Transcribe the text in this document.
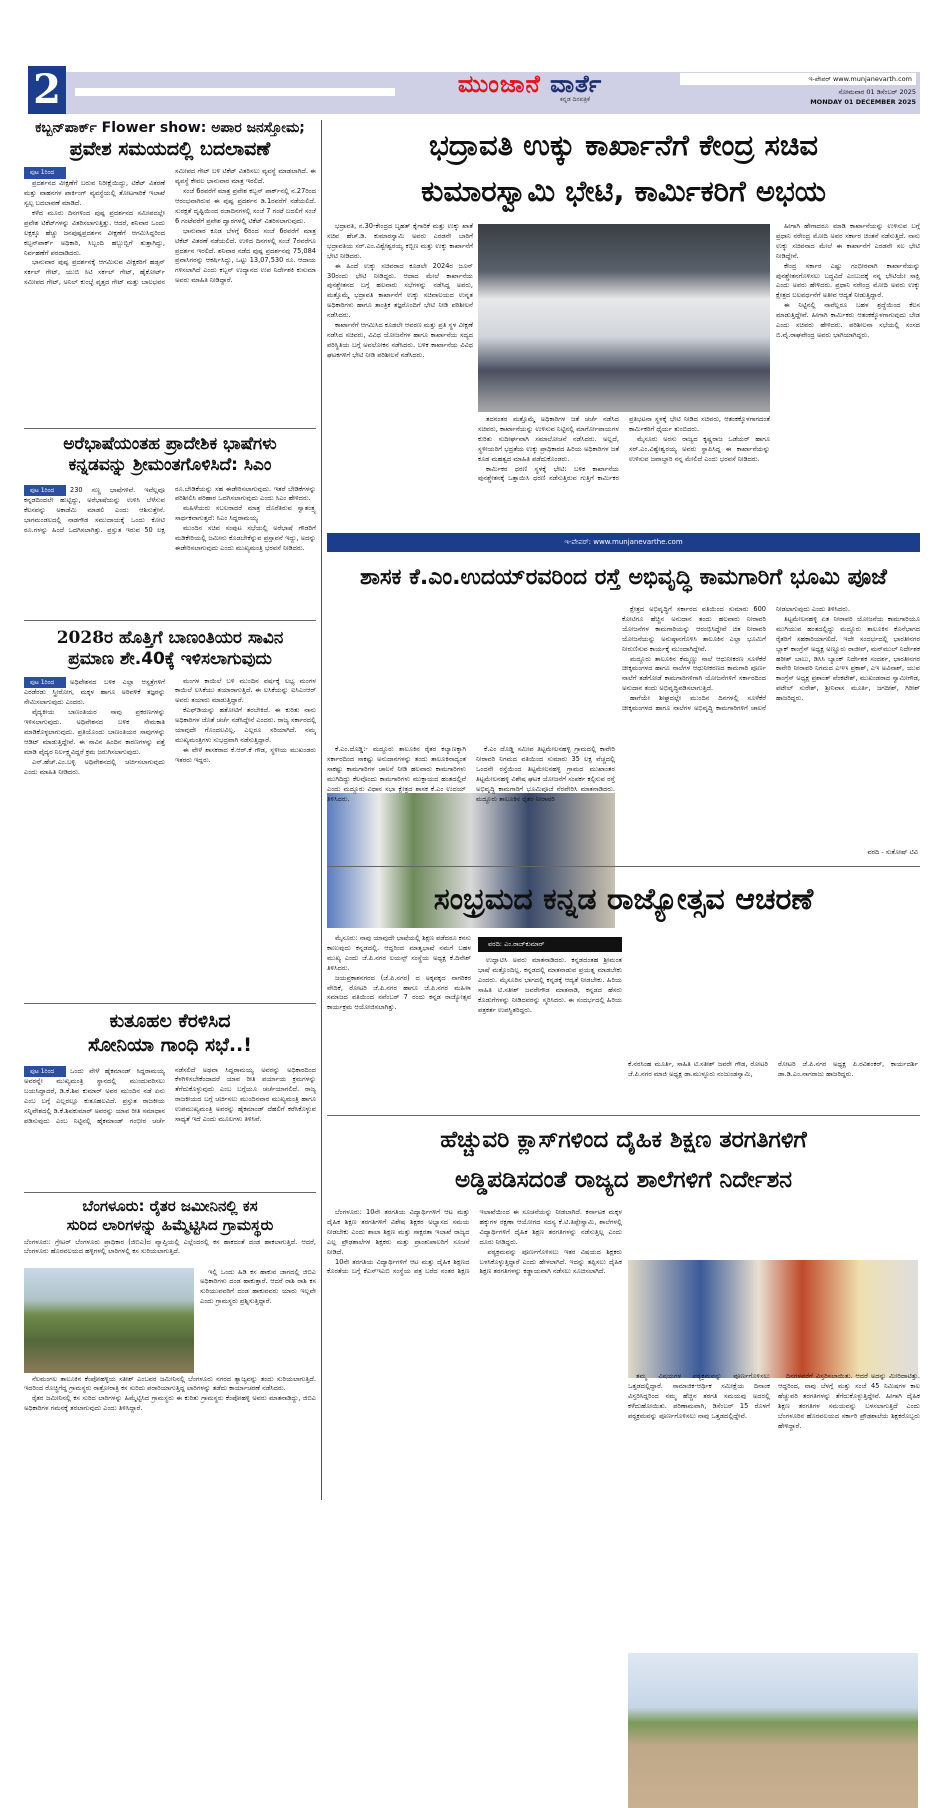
2	ಮುಂಜಾನೆ ವಾರ್ತೆ
ಕನ್ನಡ ದಿನಪತ್ರಿಕೆ
ಇ-ಪೇಪರ್ www.munjanevarth.com
ಸೋಮವಾರ 01 ಡಿಸೆಂಬರ್ 2025
MONDAY 01 DECEMBER 2025
ಕಬ್ಬನ್‌ಪಾರ್ಕ್ Flower show: ಅಪಾರ ಜನಸ್ತೋಮ;
ಪ್ರವೇಶ ಸಮಯದಲ್ಲಿ ಬದಲಾವಣೆ

ಪುಟ 1ರಿಂದ

ಪ್ರದರ್ಶನದ ವೀಕ್ಷಣೆಗೆ ಬರುವ ನಿರೀಕ್ಷೆಯಿದ್ದು, ಟಿಕೆಟ್ ವಿತರಣೆ ಮತ್ತು ವಾಹನಗಳ ಪಾರ್ಕಿಂಗ್ ವ್ಯವಸ್ಥೆಯಲ್ಲಿ ತೋಟಗಾರಿಕೆ ಇಲಾಖೆ ಸ್ವಲ್ಪ ಬದಲಾವಣೆ ಮಾಡಿದೆ.

ಕಳೆದ ಮೂರು ದಿನಗಳಿಂದ ಪುಷ್ಪ ಪ್ರದರ್ಶನದ ಸಮೀಪದಲ್ಲೇ ಪ್ರವೇಶ ಟಿಕೆಟ್‌ಗಳನ್ನು ವಿತರಿಸಲಾಗುತ್ತಿತ್ತು. ಆದರೆ, ಶನಿವಾರ ಒಂದು ಲಕ್ಷಕ್ಕೂ ಹೆಚ್ಚು ಜನಪುಷ್ಪಪ್ರದರ್ಶನ ವೀಕ್ಷಣೆಗೆ ಆಗಮಿಸಿದ್ದರಿಂದ ಕಬ್ಬನ್‌ಪಾರ್ಕ್ ಅಧಿಕಾರಿ, ಸಿಬ್ಬಂದಿ ಹಬ್ಬುಬ್ಬಿಗೆ ತುತ್ತಾಗಿದ್ದು, ನಿರ್ವಹಣೆಗೆ ಪರದಾಡಿದರು.

ಭಾನುವಾರ ಪುಷ್ಪ ಪ್ರದರ್ಶನಕ್ಕೆ ಆಗಮಿಸುವ ವೀಕ್ಷಕರಿಗೆ ಹಡ್ಸನ್ ಸರ್ಕಲ್ ಗೇಟ್, ಯುಬಿ ಸಿಟಿ ಸರ್ಕಲ್ ಗೇಟ್, ಹೈಕೋರ್ಟ್ ಸಮೀಪದ ಗೇಟ್, ಅನಿಲ್ ಕುಂಬ್ಳೆ ವೃತ್ತದ ಗೇಟ್ ಮತ್ತು ಬಾಲಭವನ ಸಮೀಪದ ಗೇಟ್ ಬಳಿ ಟಿಕೆಟ್ ವಿತರಿಸಲು ವ್ಯವಸ್ಥೆ ಮಾಡಲಾಗಿದೆ. ಈ ವ್ಯವಸ್ಥೆ ಕೇವಲ ಭಾನುವಾರ ಮಾತ್ರ ಇರಲಿದೆ.

ಸಂಜೆ 6ರವರೆಗೆ ಮಾತ್ರ ಪ್ರವೇಶ ಕಬ್ಬನ್ ಪಾರ್ಕ್‌ನಲ್ಲಿ ನ.27ರಿಂದ ಆರಂಭವಾಗಿರುವ ಈ ಪುಷ್ಪ ಪ್ರದರ್ಶನ ಡಿ.1ರವರೆಗೆ ನಡೆಯಲಿದೆ. ಸುರಕ್ಷತೆ ದೃಷ್ಟಿಯಿಂದ ರಜಾದಿನಗಳಲ್ಲಿ ಸಂಜೆ 7 ಗಂಟೆ ಬದಲಿಗೆ ಸಂಜೆ 6 ಗಂಟೆವರೆಗೆ ಪ್ರವೇಶ ದ್ವಾರಗಳಲ್ಲಿ ಟಿಕೆಟ್ ವಿತರಿಸಲಾಗುವುದು.

ಭಾನುವಾರ ಕೂಡ ಬೆಳಗ್ಗೆ 6ರಿಂದ ಸಂಜೆ 6ರವರೆಗೆ ಮಾತ್ರ ಟಿಕೆಟ್ ವಿತರಣೆ ನಡೆಯಲಿದೆ. ಉಳಿದ ದಿನಗಳಲ್ಲಿ ಸಂಜೆ 7ರವರೆಗೂ ಪ್ರದರ್ಶನ ಇರಲಿದೆ. ಶನಿವಾರ ನಡೆದ ಪುಷ್ಪ ಪ್ರದರ್ಶನವು 75,084 ಪ್ರವಾಸಿಗರನ್ನು ಆಕರ್ಷಿಸಿದ್ದು, ಒಟ್ಟು 13,07,530 ರೂ. ಆದಾಯ ಗಳಿಸಲಾಗಿದೆ ಎಂದು ಕಬ್ಬನ್ ಉದ್ಯಾನದ ಉಪ ನಿರ್ದೇಶಕಿ ಕುಸುಮಾ ಅವರು ಮಾಹಿತಿ ನೀಡಿದ್ದಾರೆ.

ಅರೆಭಾಷೆಯಂತಹ ಪ್ರಾದೇಶಿಕ ಭಾಷೆಗಳು
ಕನ್ನಡವನ್ನು ಶ್ರೀಮಂತಗೊಳಿಸಿದೆ: ಸಿಎಂ

ಪುಟ 1ರಿಂದ 230 ಸಣ್ಣ ಭಾಷೆಗಳಿವೆ. ಇವೆಲ್ಲವೂ ಕನ್ನಡದಿಂದಲೇ ಹುಟ್ಟಿದ್ದು, ಅರೆಭಾಷೆಯನ್ನು ಉಳಿಸಿ ಬೆಳೆಸುವ ಕೆಲಸವನ್ನು ಅಕಾಡೆಮಿ ಮಾಡಲಿ ಎಂದು ಆಶಿಸುತ್ತೇನೆ. ಭಾಗಮಂಡಲದಲ್ಲಿ ನಾಡಗೌಡ ಸಮುದಾಯಕ್ಕೆ ಒಂದು ಕೋಟಿ ರೂ.ಗಳನ್ನು ಹಿಂದೆ ಒದಗಿಸಲಾಗಿತ್ತು. ಪ್ರಸ್ತುತ ಇರುವ 50 ಲಕ್ಷ ರೂ.ಬೇಡಿಕೆಯನ್ನು ಸಹ ಈಡೇರಿಸಲಾಗುವುದು. ಇತರೆ ಬೇಡಿಕೆಗಳನ್ನು ಪರಿಶೀಲಿಸಿ ಪರಿಹಾರ ಒದಗಿಸಲಾಗುವುದು ಎಂದು ಸಿಎಂ ಹೇಳಿದರು.

ಮಹಿಳೆಯರು ಸಬಲರಾದರೆ ಮಾತ್ರ ದೊರೆತಿರುವ ಸ್ವಾತಂತ್ರ್ಯ ಸಾರ್ಥಕವಾಗುತ್ತದೆ: ಸಿಎಂ ಸಿದ್ದರಾಮಯ್ಯ

ಮುಂದಿನ ಸಚಿವ ಸಂಪುಟ ಸಭೆಯಲ್ಲಿ ಅರೆಭಾಷೆ ಗೌಡರಿಗೆ ಮಡಿಕೇರಿಯಲ್ಲಿ ಜಮೀನು ಕೊಡಬೇಕೆನ್ನುವ ಪ್ರಸ್ತಾವನೆ ಇದ್ದು, ಅದನ್ನು ಈಡೇರಿಸಲಾಗುವುದು ಎಂದು ಮುಖ್ಯಮಂತ್ರಿ ಭರವಸೆ ನೀಡಿದರು.

2028ರ ಹೊತ್ತಿಗೆ ಬಾಣಂತಿಯರ ಸಾವಿನ
ಪ್ರಮಾಣ ಶೇ.40ಕ್ಕೆ ಇಳಿಸಲಾಗುವುದು

ಪುಟ 1ರಿಂದ ಅಧಿವೇಶನದ ಬಳಿಕ ಎಲ್ಲಾ ಆಸ್ಪತ್ರೆಗಳಿಗೆ ಎರಡೆರಡು ಸ್ತ್ರೀರೋಗ, ಮಕ್ಕಳ ಹಾಗೂ ಅರಿವಳಿಕೆ ತಜ್ಞರನ್ನು ನೇಮಿಸಲಾಗುವುದು ಎಂದರು.

ವೈದ್ಯಕೀಯ ಬಾಣಂತಿಯರ ಸಾವು ಪ್ರಕರಣಗಳನ್ನು ಇಳಿಸಲಾಗುವುದು. ಅಧಿವೇಶನದ ಬಳಿಕ ನೇಮಕಾತಿ ಮಾಡಿಕೊಳ್ಳಲಾಗುವುದು. ಪ್ರತಿಯೊಂದು ಬಾಣಂತಿಯರ ಸಾವುಗಳನ್ನು ಆಡಿಟ್ ಮಾಡುತ್ತಿದ್ದೇವೆ. ಈ ಸಾವಿನ ಹಿಂದಿನ ಕಾರಣಗಳನ್ನು ಪತ್ತೆ ಮಾಡಿ ವೈದ್ಯರ ನಿರ್ಲಕ್ಷ್ಯವಿದ್ದರೆ ಕ್ರಮ ಜರುಗಿಸಲಾಗುವುದು.

ಎನ್.ಹೆಚ್.ಎಂ.ಬಳ್ಳಿ ಅಧಿವೇಶನದಲ್ಲಿ ಚರ್ಚಿಸಲಾಗುವುದು ಎಂದು ಮಾಹಿತಿ ನೀಡಿದರು.

ಮಂಗಳ ಕಾಯಿಲೆ ಬಳಿ ಮುಂದಿನ ವರ್ಷಕ್ಕೆ ಲಭ್ಯ ಮಂಗಳ ಕಾಯಿಲೆ ಲಸಿಕೆಯು ತಯಾರಾಗುತ್ತಿದೆ. ಈ ಲಸಿಕೆಯನ್ನು ಐಸಿಎಂಆರ್ ಅವರು ತಯಾರು ಮಾಡುತ್ತಿದ್ದಾರೆ.

ಕೆಎಫ್‌ಡಿಯನ್ನು ಹತೋಟಿಗೆ ತರಬೇಕಿದೆ. ಈ ಕುರಿತು ನಾನು ಅಧಿಕಾರಿಗಳ ಜೊತೆ ಚರ್ಚೆ ನಡೆಸಿದ್ದೇನೆ ಎಂದರು. ರಾಜ್ಯ ಸರ್ಕಾರದಲ್ಲಿ ಯಾವುದೇ ಗೊಂದಲವಿಲ್ಲ. ಎಲ್ಲರೂ ಸರಿಯಾಗಿದೆ. ನಮ್ಮ ಮುಖ್ಯಮಂತ್ರಿಗಳು ಸುಭದ್ರವಾಗಿ ನಡೆಸುತ್ತಿದ್ದಾರೆ.

ಈ ವೇಳೆ ಶಾಸಕರಾದ ಕೆ.ಆರ್.ಕೆ ಗೌಡ, ಸ್ಥಳೀಯ ಮುಖಂಡರು ಇತರರು ಇದ್ದರು.

ಕುತೂಹಲ ಕೆರಳಿಸಿದ
ಸೋನಿಯಾ ಗಾಂಧಿ ಸಭೆ..!

ಪುಟ 1ರಿಂದ ಒಂದು ವೇಳೆ ಹೈಕಮಾಂಡ್ ಸಿದ್ದರಾಮಯ್ಯ ಅವರನ್ನೇ ಮುಖ್ಯಮಂತ್ರಿ ಸ್ಥಾನದಲ್ಲಿ ಮುಂದುವರಿಸಲು ಬಯಸಿದ್ದಾದರೆ, ಡಿ.ಕೆ.ಶಿವ ಕುಮಾರ್ ಅವರ ಮುಂದಿನ ನಡೆ ಏನು ಎಂಬ ಬಗ್ಗೆ ಎಲ್ಲರಲ್ಲೂ ಕುತೂಹಲವಿದೆ. ಪ್ರಸ್ತುತ ರಾಜಕೀಯ ಸನ್ನಿವೇಶದಲ್ಲಿ ಡಿ.ಕೆ.ಶಿವಕುಮಾರ್ ಅವರನ್ನು ಯಾವ ರೀತಿ ಸಮಾಧಾನ ಪಡಿಸುವುದು ಎಂಬ ನಿಟ್ಟಿನಲ್ಲಿ ಹೈಕಮಾಂಡ್ ಗಂಭೀರ ಚರ್ಚೆ ನಡೆಸಲಿದೆ ಅಥವಾ ಸಿದ್ದರಾಮಯ್ಯ ಅವರನ್ನು ಅಧಿಕಾರದಿಂದ ಕೆಳಗಿಳಿಸಬೇಕೆಂದಾದರೆ ಯಾವ ರೀತಿ ಪರ್ಯಾಯ ಕ್ರಮಗಳನ್ನು ತೆಗೆದುಕೊಳ್ಳುವುದು ಎಂಬ ಬಗ್ಗೆಯೂ ಚರ್ಚೆಯಾಗಲಿದೆ. ರಾಜ್ಯ ರಾಜಕೀಯದ ಬಗ್ಗೆ ಚರ್ಚಿಸಲು ಮುಂದಿನವಾರ ಮುಖ್ಯಮಂತ್ರಿ ಹಾಗೂ ಉಪಮುಖ್ಯಮಂತ್ರಿ ಅವರನ್ನು ಹೈಕಮಾಂಡ್ ದೆಹಲಿಗೆ ಕರೆಸಿಕೊಳ್ಳುವ ಸಾಧ್ಯತೆ ಇದೆ ಎಂದು ಮೂಲಗಳು ತಿಳಿಸಿವೆ.

ಬೆಂಗಳೂರು: ರೈತರ ಜಮೀನಿನಲ್ಲಿ ಕಸ
ಸುರಿದ ಲಾರಿಗಳನ್ನು ಹಿಮ್ಮೆಟ್ಟಿಸಿದ ಗ್ರಾಮಸ್ಥರು
ಬೆಂಗಳೂರು: ಗ್ರೇಟರ್ ಬೆಂಗಳೂರು ಪ್ರಾಧಿಕಾರ (ಜಿಬಿಎ)ದ ವ್ಯಾಪ್ತಿಯಲ್ಲಿ ಎಲ್ಲೆಂದರಲ್ಲಿ ಕಸ ಹಾಕದಂತೆ ದಂಡ ಹಾಕಲಾಗುತ್ತಿದೆ. ಆದರೆ, ಬೆಂಗಳೂರು ಹೊರವಲಯದ ಹಳ್ಳಿಗಳಲ್ಲಿ ಲಾರಿಗಳಲ್ಲಿ ಕಸ ಸುರಿಯಲಾಗುತ್ತಿದೆ.

ಇಲ್ಲಿ ಒಂದು ಹಿಡಿ ಕಸ ಹಾಕುವ ಜಾಗದಲ್ಲಿ ಜಿಬಿಎ ಅಧಿಕಾರಿಗಳು ದಂಡ ಹಾಕುತ್ತಾರೆ. ಆದರೆ ರಾಶಿ ರಾಶಿ ಕಸ ಸುರಿಯುವವರಿಗೆ ದಂಡ ಹಾಕುವವರು ಯಾರು ಇಲ್ಲವೇ ಎಂದು ಗ್ರಾಮಸ್ಥರು ಪ್ರಶ್ನಿಸುತ್ತಿದ್ದಾರೆ.

ನೆಲಮಂಗಲ ತಾಲೂಕಿನ ಕೆಂಪೋಹಳ್ಳಿಯ ಸತೀಶ್ ಎಂಬವರ ಜಮೀನಿನಲ್ಲಿ ಬೆಂಗಳೂರು ನಗರದ ತ್ಯಾಜ್ಯವನ್ನು ತಂದು ಸುರಿಯಲಾಗುತ್ತಿದೆ. ಇದರಿಂದ ರೊಚ್ಚಿಗೆದ್ದ ಗ್ರಾಮಸ್ಥರು ರಾತ್ರೋರಾತ್ರಿ ಕಸ ಸುರಿದು ಪರಾರಿಯಾಗುತ್ತಿದ್ದ ಲಾರಿಗಳನ್ನು ತಡೆದು ಕಾರ್ಯಾಚರಣೆ ನಡೆಸಿದರು.

ರೈತರ ಜಮೀನಿನಲ್ಲಿ ಕಸ ಸುರಿದ ಲಾರಿಗಳನ್ನು ಹಿಮ್ಮೆಟ್ಟಿಸಿದ ಗ್ರಾಮಸ್ಥರು ಈ ಕುರಿತು ಗ್ರಾಮಸ್ಥರು ಕೆಂಪೋಹಳ್ಳಿ ಅವರು ಮಾತನಾಡಿದ್ದು, ಜಿಬಿಎ ಅಧಿಕಾರಿಗಳ ಗಮನಕ್ಕೆ ತರಲಾಗುವುದು ಎಂದು ತಿಳಿಸಿದ್ದಾರೆ.

ಭದ್ರಾವತಿ ಉಕ್ಕು ಕಾರ್ಖಾನೆಗೆ ಕೇಂದ್ರ ಸಚಿವ
ಕುಮಾರಸ್ವಾಮಿ ಭೇಟಿ, ಕಾರ್ಮಿಕರಿಗೆ ಅಭಯ

ಭದ್ರಾವತಿ, ನ.30-ಕೇಂದ್ರದ ಬೃಹತ್ ಕೈಗಾರಿಕೆ ಮತ್ತು ಉಕ್ಕು ಖಾತೆ ಸಚಿವ ಹೆಚ್.ಡಿ. ಕುಮಾರಸ್ವಾಮಿ ಅವರು ಎರಡನೇ ಬಾರಿಗೆ ಭದ್ರಾವತಿಯ ಸರ್.ಎಂ.ವಿಶ್ವೇಶ್ವರಯ್ಯ ಕಬ್ಬಿಣ ಮತ್ತು ಉಕ್ಕು ಕಾರ್ಖಾನೆಗೆ ಭೇಟಿ ನೀಡಿದರು.

ಈ ಹಿಂದೆ ಉಕ್ಕು ಸಚಿವರಾದ ಕೂಡಲೇ 2024ರ ಜೂನ್ 30ರಂದು ಭೇಟಿ ನೀಡಿದ್ದರು. ಆದಾದ ಮೇಲೆ ಕಾರ್ಖಾನೆಯ ಪುನಶ್ಚೇತನದ ಬಗ್ಗೆ ಹಲವಾರು ಸಭೆಗಳನ್ನು ನಡೆಸಿದ್ದ ಅವರು, ಮತ್ತೊಮ್ಮೆ ಭದ್ರಾವತಿ ಕಾರ್ಖಾನೆಗೆ ಉಕ್ಕು ಸಚಿವಾಲಯದ ಉನ್ನತ ಅಧಿಕಾರಿಗಳು ಹಾಗೂ ತಾಂತ್ರಿಕ ತಜ್ಞರೊಂದಿಗೆ ಭೇಟಿ ನೀಡಿ ಪರಿಶೀಲನೆ ನಡೆಸಿದರು.

ಕಾರ್ಖಾನೆಗೆ ಆಗಮಿಸಿದ ಕೂಡಲೇ ಆವರಣ ಮತ್ತು ಪ್ರತಿ ಸ್ಥಳ ವೀಕ್ಷಣೆ ನಡೆಸಿದ ಸಚಿವರು, ವಿವಿಧ ಯೋಜನೆಗಳ ಹಾಗೂ ಕಾರ್ಖಾನೆಯ ಸದ್ಯದ ಪರಿಸ್ಥಿತಿಯ ಬಗ್ಗೆ ಅವಲೋಕನ ನಡೆಸಿದರು. ಬಳಿಕ ಕಾರ್ಖಾನೆಯ ವಿವಿಧ ಘಟಕಗಳಿಗೆ ಭೇಟಿ ನೀಡಿ ಪರಿಶೀಲನೆ ನಡೆಸಿದರು.

ತದನಂತರ ಮತ್ತೊಮ್ಮೆ ಅಧಿಕಾರಿಗಳ ಜತೆ ಚರ್ಚೆ ನಡೆಸಿದ ಸಚಿವರು, ಕಾರ್ಖಾನೆಯನ್ನು ಉಳಿಸುವ ನಿಟ್ಟಿನಲ್ಲಿ ಮಾರ್ಗೋಪಾಯಗಳ ಕುರಿತು ಸುದೀರ್ಘವಾಗಿ ಸಮಾಲೋಚನೆ ನಡೆಸಿದರು. ಅಲ್ಲದೆ, ಸ್ಥಳೀಯರಿಗೆ ಭದ್ರತೆಯ ಉಕ್ಕು ಪ್ರಾಧಿಕಾರದ ಹಿರಿಯ ಅಧಿಕಾರಿಗಳ ಜತೆ ಕೂಡ ಮಹತ್ವದ ಮಾಹಿತಿ ಪಡೆದುಕೊಂಡರು.

ಕಾರ್ಮಿಕರ ಧರಣಿ ಸ್ಥಳಕ್ಕೆ ಭೇಟಿ: ಬಳಿಕ ಕಾರ್ಖಾನೆಯ ಪುನಶ್ಚೇತನಕ್ಕೆ ಒತ್ತಾಯಿಸಿ ಧರಣಿ ನಡೆಸುತ್ತಿರುವ ಗುತ್ತಿಗೆ ಕಾರ್ಮಿಕರ ಪ್ರತಿಭಟನಾ ಸ್ಥಳಕ್ಕೆ ಭೇಟಿ ನೀಡಿದ ಸಚಿವರು, ಆತಂಕಕ್ಕೊಳಗಾಗದಂತೆ ಕಾರ್ಮಿಕರಿಗೆ ಧೈರ್ಯ ತುಂಬಿದರು.

ಮೈಸೂರು ಅರಸು ರಾಜ್ಯದ ಕೃಷ್ಣರಾಜ ಒಡೆಯರ್ ಹಾಗೂ ಸರ್.ಎಂ.ವಿಶ್ವೇಶ್ವರಯ್ಯ ಅವರು ಸ್ಥಾಪಿಸಿದ್ದ ಈ ಕಾರ್ಖಾನೆಯನ್ನು ಉಳಿಸುವ ಜವಾಬ್ದಾರಿ ನನ್ನ ಮೇಲಿದೆ ಎಂದು ಭರವಸೆ ನೀಡಿದರು.

ಹೀಗಾಗಿ ಹೇಗಾದರೂ ಮಾಡಿ ಕಾರ್ಖಾನೆಯನ್ನು ಉಳಿಸುವ ಬಗ್ಗೆ ಪ್ರಧಾನಿ ನರೇಂದ್ರ ಮೋದಿ ಅವರ ಸರ್ಕಾರ ಚಿಂತನೆ ನಡೆಸುತ್ತಿದೆ. ನಾನು ಉಕ್ಕು ಸಚಿವನಾದ ಮೇಲೆ ಈ ಕಾರ್ಖಾನೆಗೆ ಎರಡನೇ ಸಲ ಭೇಟಿ ನೀಡಿದ್ದೇನೆ.

ಕೇಂದ್ರ ಸರ್ಕಾರ ಎಷ್ಟು ಗಂಭೀರವಾಗಿ ಕಾರ್ಖಾನೆಯನ್ನು ಪುನಶ್ಚೇತನಗೊಳಿಸಲು ಬದ್ಧವಿದೆ ಎಂಬುದಕ್ಕೆ ನನ್ನ ಭೇಟಿಯೇ ಸಾಕ್ಷಿ ಎಂದು ಅವರು ಹೇಳಿದರು. ಪ್ರಧಾನಿ ನರೇಂದ್ರ ಮೋದಿ ಅವರು ಉಕ್ಕು ಕ್ಷೇತ್ರದ ಬಲವರ್ಧನೆಗೆ ಅತೀವ ಆದ್ಯತೆ ನೀಡುತ್ತಿದ್ದಾರೆ.

ಈ ನಿಟ್ಟಿನಲ್ಲಿ ನಾವೆಲ್ಲರೂ ಬಹಳ ಶ್ರದ್ಧೆಯಿಂದ ಕೆಲಸ ಮಾಡುತ್ತಿದ್ದೇವೆ. ಹೀಗಾಗಿ ಕಾರ್ಮಿಕರು ಆತಂಕಕ್ಕೊಳಗಾಗುವುದು ಬೇಡ ಎಂದು ಸಚಿವರು ಹೇಳಿದರು. ಪರಿಶೀಲನಾ ಸಭೆಯಲ್ಲಿ ಸಂಸದ ಬಿ.ವೈ.ರಾಘವೇಂದ್ರ ಅವರು ಭಾಗಿಯಾಗಿದ್ದರು.

ಇ-ಪೇಪರ್: www.munjanevarthe.com
ಶಾಸಕ ಕೆ.ಎಂ.ಉದಯ್‌ರವರಿಂದ ರಸ್ತೆ ಅಭಿವೃದ್ಧಿ ಕಾಮಗಾರಿಗೆ ಭೂಮಿ ಪೂಜೆ

ಕೆ.ಎಂ.ದೊಡ್ಡಿ:- ಮದ್ದೂರು ತಾಲೂಕಿನ ರೈತರ ಕಲ್ಯಾಣಕ್ಕಾಗಿ ಸರ್ಕಾರದಿಂದ ಸಾಕಷ್ಟು ಅನುದಾನಗಳನ್ನು ತಂದು ತಾಲೂಕಿನಾದ್ಯಂತ ಸಾಕಷ್ಟು ಕಾಮಗಾರಿಗಳ ಚಾಲನೆ ನೀಡಿ ಹಲವಾರು ಕಾಮಗಾರಿಗಳು ಮುಗಿದಿದ್ದು ಕೆಲವೊಂದು ಕಾಮಗಾರಿಗಳು ಮುಕ್ತಾಯದ ಹಂತದಲ್ಲಿವೆ ಎಂದು ಮದ್ದೂರು ವಿಧಾನ ಸಭಾ ಕ್ಷೇತ್ರದ ಶಾಸಕ ಕೆ.ಎಂ ಉದಯ್ ತಿಳಿಸಿದರು.

ಕೆ.ಎಂ ದೊಡ್ಡಿ ಸಮೀಪ ತಿಟ್ಟಮೇಲನಹಳ್ಳಿ ಗ್ರಾಮದಲ್ಲಿ ಕಾವೇರಿ ನೀರಾವರಿ ನಿಗಮದ ವತಿಯಿಂದ ಸುಮಾರು 35 ಲಕ್ಷ ವೆಚ್ಚದಲ್ಲಿ ಒಂದನೇ ರಸ್ತೆಯಿಂದ ತಿಟ್ಟಮೇಲನಹಳ್ಳಿ ಗ್ರಾಮದ ಮುಖಾಂತರ ತಿಟ್ಟಮೇಲನಹಳ್ಳಿ ವಿಶೇಷ ಘಟಕ ಯೋಜನೆಗೆ ಸಂಪರ್ಕ ಕಲ್ಪಿಸುವ ರಸ್ತೆ ಅಭಿವೃದ್ಧಿ ಕಾಮಗಾರಿಗೆ ಭೂಮಿಪೂಜೆ ನೆರವೇರಿಸಿ ಮಾತನಾಡಿದರು. ಮದ್ದೂರು ತಾಲೂಕಿನ ರೈತರ ನೀರಾವರಿ

ಕ್ಷೇತ್ರದ ಅಭಿವೃದ್ಧಿಗೆ ಸರ್ಕಾರದ ವತಿಯಿಂದ ಸುಮಾರು 600 ಕೋಟಿಗೂ ಹೆಚ್ಚಿನ ಅನುದಾನ ತಂದು ಹಲವಾರು ನೀರಾವರಿ ಯೋಜನೆಗಳ ಕಾಮಗಾರಿಯನ್ನು ಆರಂಭಿಸಿದ್ದೇವೆ ಚಿತ ನೀರಾವರಿ ಯೋಜನೆಯನ್ನು ಅನುಷ್ಠಾನಗೊಳಿಸಿ ತಾಲೂಕಿನ ಎಲ್ಲಾ ಭೂಮಿಗೆ ನೀರುಣಿಸುವ ಕಾರ್ಯಕ್ಕೆ ಮುಂದಾಗಿದ್ದೇವೆ.

ಮದ್ದೂರು ತಾಲೂಕಿನ ಕೆಮ್ಮಣ್ಣು ನಾಲೆ ಆಧುನೀಕರಣ ಸೂಳೆಕೆರೆ ಚೀಕ್ಕಮಂಗಳದ ಹಾಗೂ ನಾಲೆಗಳ ಆಧುನೀಕರಣದ ಕಾಮಗಾರಿ ಪೂರ್ಣ ನಾಲೆಗೆ ತಡೆಗೋಡೆ ಕಾಮಗಾರಿಗಳಿಗಾಗಿ ಯೋಜನೆಗಳಿಗೆ ಸರ್ಕಾರದಿಂದ ಅನುದಾನ ತಂದು ಅಭಿವೃದ್ಧಿಪಡಿಸಲಾಗುತ್ತಿದೆ.

ಹಾಗೆಯೇ ಶೀಘ್ರದಲ್ಲೇ ಮುಂದಿನ ದಿನಗಳಲ್ಲಿ ಸೂಳೆಕೆರೆ ಚೀಕ್ಕಮಂಗಳದ ಹಾಗೂ ನಾಲೆಗಳ ಅಭಿವೃದ್ಧಿ ಕಾಮಗಾರಿಗಳಿಗೆ ಚಾಲನೆ ನೀಡಲಾಗುವುದು ಎಂದು ತಿಳಿಸಿದರು.

ತಿಟ್ಟಮೇಲನಹಳ್ಳಿ ಏತ ನೀರಾವರಿ ಯೋಜನೆಯ ಕಾಮಗಾರಿಯೂ ಮುಗಿಯುವ ಹಂತದಲ್ಲಿದ್ದು ಮದ್ದೂರು ತಾಲೂಕಿನ ಕೊನೆಭಾಗದ ರೈತರಿಗೆ ಸಹಕಾರಿಯಾಗಲಿದೆ. ಇದೇ ಸಂದರ್ಭದಲ್ಲಿ ಭಾರತೀನಗರ ಬ್ಲಾಕ್ ಕಾಂಗ್ರೆಸ್ ಅಧ್ಯಕ್ಷ ಅಣ್ಣೂರು ರಾಜೀವ್, ಮನ್‌ಮುಲ್ ನಿರ್ದೇಶಕ ಹರೀಶ್ ಬಾಬು, ಡಿಸಿಸಿ ಬ್ಯಾಂಕ್ ನಿರ್ದೇಶಕ ಸಂದರ್ಶ, ಭಾರತೀನಗರ ಕಾವೇರಿ ನೀರಾವರಿ ನಿಗಮದ ಎಇಇ ಪ್ರಕಾಶ್, ಎಇ ಅವಿನಾಶ್, ಯುವ ಕಾಂಗ್ರೆಸ್ ಅಧ್ಯಕ್ಷ ಪ್ರಶಾಂತ್ ವೆಂಕಟೇಶ್, ಮುಖಂಡರಾದ ಸ್ವಾಮೀಗೌಡ, ಪಟೇಲ್ ಸುರೇಶ್, ಶ್ರೀನಿವಾಸ ಮೂರ್ತಿ, ಜಗದೀಶ್, ಗಿರೀಶ್ ಹಾಜರಿದ್ದರು.

ವರದಿ - ಸುತೋಷ್ ಟಿವಿ
ಸಂಭ್ರಮದ ಕನ್ನಡ ರಾಜ್ಯೋತ್ಸವ ಆಚರಣೆ

ಮೈಸೂರು: ನಾವು ಯಾವುದೇ ಭಾಷೆಯಲ್ಲಿ ಶಿಕ್ಷಣ ಪಡೆದರೂ ಕನಸು ಕಾಣುವುದು ಕನ್ನಡದಲ್ಲಿ. ಆದ್ದರಿಂದ ಮಾತೃಭಾಷೆ ನಮಗೆ ಬಹಳ ಮುಖ್ಯ ಎಂದು ಜೆ.ಪಿ.ನಗರ ಲಯನ್ಸ್ ಸಂಸ್ಥೆಯ ಅಧ್ಯಕ್ಷ ಕೆ.ದಿನೇಶ್ ತಿಳಿಸಿದರು.

ಜಯಪ್ರಕಾಶನಗರದ (ಜೆ.ಪಿ.ನಗರ) ದ ಅಕ್ಕಪಕ್ಕದ ನಾಗರಿಕರ ವೇದಿಕೆ, ರೋಟರಿ ಜೆ.ಪಿ.ನಗರ ಹಾಗೂ ಜೆ.ಪಿ.ನಗರ ಮಹಿಳಾ ಸಮಾಜದ ವತಿಯಿಂದ ನವೆಂಬರ್ 7 ರಂದು ಕನ್ನಡ ರಾಜ್ಯೋತ್ಸವ ಕಾರ್ಯಕ್ರಮ ಆಯೋಜಿಸಲಾಗಿತ್ತು.

ವರದಿ: ಎಂ.ರಾಜ್‌ಕುಮಾರ್

ಉದ್ಘಾಟಿಸಿ ಅವರು ಮಾತನಾಡಿದರು. ಕನ್ನಡದಂತಹ ಶ್ರೀಮಂತ ಭಾಷೆ ಮತ್ತೊಂದಿಲ್ಲ. ಕನ್ನಡದಲ್ಲಿ ಮಾತನಾಡುವ ಪ್ರಯತ್ನ ಮಾಡಬೇಕು ಎಂದರು. ಮೈಸೂರಿನ ಭಾಗದಲ್ಲಿ ಕನ್ನಡಕ್ಕೆ ಆದ್ಯತೆ ನೀಡಬೇಕು. ಹಿರಿಯ ಸಾಹಿತಿ ಟಿ.ಸತೀಶ್ ಜವರೇಗೌಡ ಮಾತನಾಡಿ, ಕನ್ನಡದ ಹೆಸರು ಕೊಡುಗೆಗಳನ್ನು ನೀಡಿದವರನ್ನು ಸ್ಮರಿಸಿದರು. ಈ ಸಂದರ್ಭದಲ್ಲಿ ಹಿರಿಯ ಪತ್ರಕರ್ತ ಉಪಸ್ಥಿತರಿದ್ದರು.

ಕೆ.ನರಸಿಂಹ ಮೂರ್ತಿ, ಸಾಹಿತಿ ಟಿ.ಸತೀಶ್ ಜವರೇ ಗೌಡ, ರೋಟರಿ ಜೆ.ಪಿ.ನಗರ ಮಾಜಿ ಅಧ್ಯಕ್ಷ ಡಾ.ಮುಳ್ಳೂರು ನಂಜುಂಡಸ್ವಾಮಿ,
ರೋಟರಿ ಜೆ.ಪಿ.ನಗರ ಅಧ್ಯಕ್ಷ ಪಿ.ರವಿಶಂಕರ್, ಕಾರ್ಯದರ್ಶಿ ಡಾ.ಡಿ.ಎಂ.ನಾಗರಾಜು ಹಾಜರಿದ್ದರು.
ಹೆಚ್ಚುವರಿ ಕ್ಲಾಸ್‌ಗಳಿಂದ ದೈಹಿಕ ಶಿಕ್ಷಣ ತರಗತಿಗಳಿಗೆ
ಅಡ್ಡಿಪಡಿಸದಂತೆ ರಾಜ್ಯದ ಶಾಲೆಗಳಿಗೆ ನಿರ್ದೇಶನ

ಬೆಂಗಳೂರು: 10ನೇ ತರಗತಿಯ ವಿದ್ಯಾರ್ಥಿಗಳಿಗೆ ಆಟ ಮತ್ತು ದೈಹಿಕ ಶಿಕ್ಷಣ ತರಗತಿಗಳಿಗೆ ವಿಶೇಷ ಶಿಕ್ಷಕರ ಅಭ್ಯಾಸದ ಸಮಯ ನೀಡಬೇಕು ಎಂದು ಶಾಲಾ ಶಿಕ್ಷಣ ಮತ್ತು ಸಾಕ್ಷರತಾ ಇಲಾಖೆ ರಾಜ್ಯದ ಎಲ್ಲ ಪ್ರೌಢಶಾಲೆಗಳ ಶಿಕ್ಷಕರು ಮತ್ತು ಪ್ರಾಂಶುಪಾಲರಿಗೆ ಸೂಚನೆ ನೀಡಿದೆ.

10ನೇ ತರಗತಿಯ ವಿದ್ಯಾರ್ಥಿಗಳಿಗೆ ಆಟ ಮತ್ತು ದೈಹಿಕ ಶಿಕ್ಷಣದ ಕೊರತೆಯ ಬಗ್ಗೆ ಕೆಎಸ್‌ಇಎಬಿ ಸಂಸ್ಥೆಯ ಪತ್ರ ಬರೆದ ನಂತರ ಶಿಕ್ಷಣ ಇಲಾಖೆಯಿಂದ ಈ ಸೂಚನೆಯನ್ನು ನೀಡಲಾಗಿದೆ. ಕರ್ನಾಟಕ ಮಕ್ಕಳ ಹಕ್ಕುಗಳ ರಕ್ಷಣಾ ಆಯೋಗದ ಸದಸ್ಯ ಕೆ.ಟಿ.ತಿಪ್ಪೇಸ್ವಾಮಿ, ಶಾಲೆಗಳಲ್ಲಿ ವಿದ್ಯಾರ್ಥಿಗಳಿಗೆ ದೈಹಿಕ ಶಿಕ್ಷಣ ತರಗತಿಗಳನ್ನು ನಡೆಸುತ್ತಿಲ್ಲ ಎಂದು ದೂರು ನೀಡಿದ್ದರು.

ಪಠ್ಯಕ್ರಮವನ್ನು ಪೂರ್ಣಗೊಳಿಸಲು ಇತರ ವಿಷಯದ ಶಿಕ್ಷಕರು ಬಳಸಿಕೊಳ್ಳುತ್ತಿದ್ದಾರೆ ಎಂದು ಹೇಳಲಾಗಿದೆ. ಇದನ್ನು ತಪ್ಪಿಸಲು ದೈಹಿಕ ಶಿಕ್ಷಣ ತರಗತಿಗಳನ್ನು ಕಡ್ಡಾಯವಾಗಿ ನಡೆಸಲು ಸೂಚಿಸಲಾಗಿದೆ.

ತಮ್ಮ ವಿಷಯಗಳ ಪಠ್ಯಕ್ರಮವನ್ನು ಪೂರ್ಣಗೊಳಿಸಲು ಒತ್ತಡದಲ್ಲಿದ್ದಾರೆ. ಸಾಮಾಜಿಕ-ಆರ್ಥಿಕ ಸಮೀಕ್ಷೆಯ ದಿನಾಂಕ ವಿಸ್ತರಿಸಿದ್ದರಿಂದ ನಮ್ಮ ಹೆಚ್ಚಿನ ತರಗತಿ ಸಮಯವು ಅದರಲ್ಲಿ ಕಳೆದುಹೋಯಿತು. ಪರಿಣಾಮವಾಗಿ, ಡಿಸೆಂಬರ್ 15 ರೊಳಗೆ ಪಠ್ಯಕ್ರಮವನ್ನು ಪೂರ್ಣಗೊಳಿಸಲು ನಾವು ಒತ್ತಡದಲ್ಲಿದ್ದೇವೆ.

ದಿನಗಳವರೆಗೆ ವಿಸ್ತರಿಸಲಾಯಿತು. ಆದರೆ ಅದನ್ನು ಮೀರಿದಾಟಿತ್ತು. ಆದ್ದರಿಂದ, ನಾವು ಬೆಳಗ್ಗೆ ಮತ್ತು ಸಂಜೆ 45 ನಿಮಿಷಗಳ ಕಾಲ ಹೆಚ್ಚುವರಿ ತರಗತಿಗಳನ್ನು ತೆಗೆದುಕೊಳ್ಳುತ್ತಿದ್ದೇವೆ. ಹೀಗಾಗಿ ದೈಹಿಕ ಶಿಕ್ಷಣ ತರಗತಿಗಳ ಸಮಯವನ್ನು ಬಳಸಲಾಗುತ್ತಿದೆ ಎಂದು ಬೆಂಗಳೂರಿನ ಹೊರವಲಯದ ಸರ್ಕಾರಿ ಪ್ರೌಢಶಾಲೆಯ ಶಿಕ್ಷಕರೊಬ್ಬರು ಹೇಳಿದ್ದಾರೆ.
